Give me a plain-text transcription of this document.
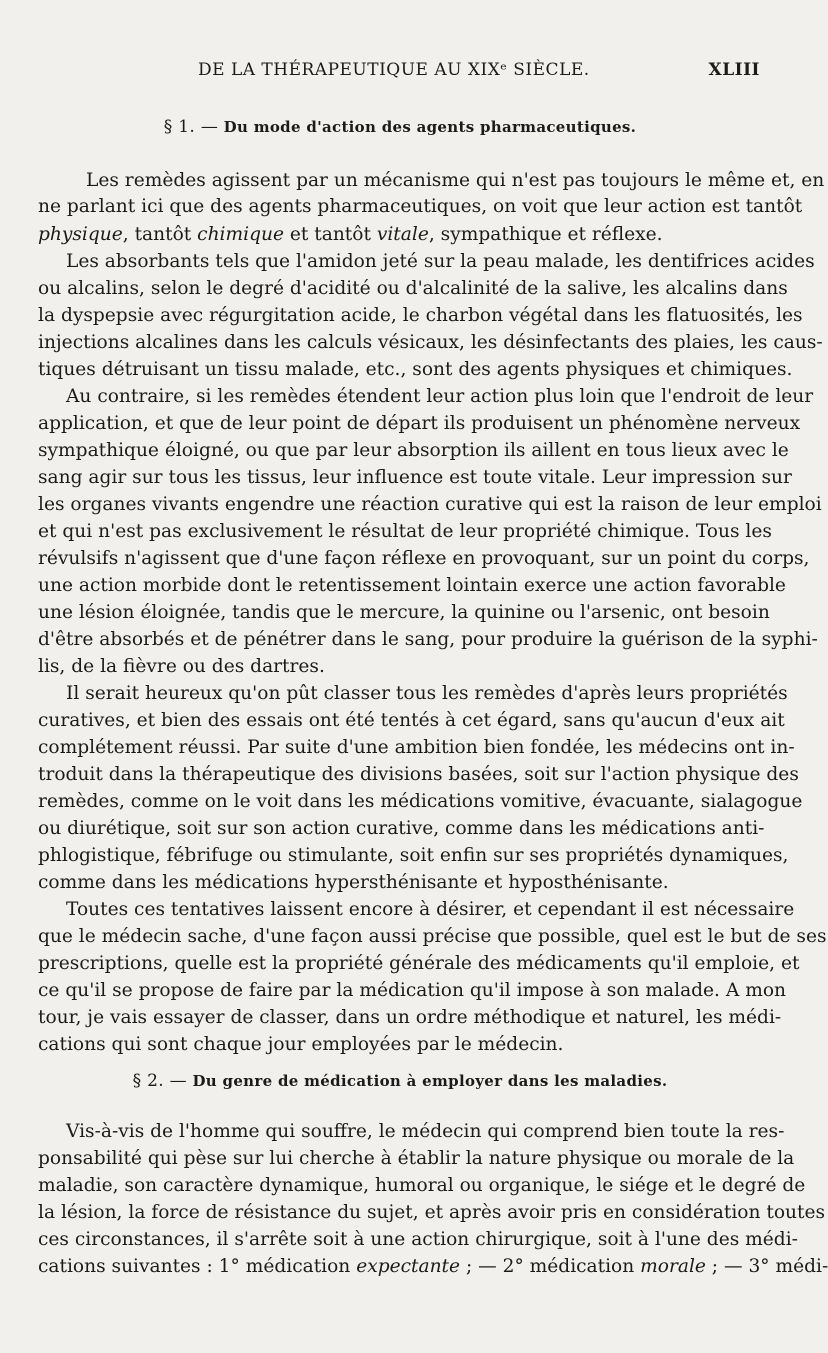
DE LA THÉRAPEUTIQUE AU XIXᵉ SIÈCLE.	XLIII
§ 1. — Du mode d'action des agents pharmaceutiques.
§ 2. — Du genre de médication à employer dans les maladies.
Les remèdes agissent par un mécanisme qui n'est pas toujours le même et, en
ne parlant ici que des agents pharmaceutiques, on voit que leur action est tantôt
physique, tantôt chimique et tantôt vitale, sympathique et réflexe.
Les absorbants tels que l'amidon jeté sur la peau malade, les dentifrices acides
ou alcalins, selon le degré d'acidité ou d'alcalinité de la salive, les alcalins dans
la dyspepsie avec régurgitation acide, le charbon végétal dans les flatuosités, les
injections alcalines dans les calculs vésicaux, les désinfectants des plaies, les caus-
tiques détruisant un tissu malade, etc., sont des agents physiques et chimiques.
Au contraire, si les remèdes étendent leur action plus loin que l'endroit de leur
application, et que de leur point de départ ils produisent un phénomène nerveux
sympathique éloigné, ou que par leur absorption ils aillent en tous lieux avec le
sang agir sur tous les tissus, leur influence est toute vitale. Leur impression sur
les organes vivants engendre une réaction curative qui est la raison de leur emploi
et qui n'est pas exclusivement le résultat de leur propriété chimique. Tous les
révulsifs n'agissent que d'une façon réflexe en provoquant, sur un point du corps,
une action morbide dont le retentissement lointain exerce une action favorable
une lésion éloignée, tandis que le mercure, la quinine ou l'arsenic, ont besoin
d'être absorbés et de pénétrer dans le sang, pour produire la guérison de la syphi-
lis, de la fièvre ou des dartres.
Il serait heureux qu'on pût classer tous les remèdes d'après leurs propriétés
curatives, et bien des essais ont été tentés à cet égard, sans qu'aucun d'eux ait
complétement réussi. Par suite d'une ambition bien fondée, les médecins ont in-
troduit dans la thérapeutique des divisions basées, soit sur l'action physique des
remèdes, comme on le voit dans les médications vomitive, évacuante, sialagogue
ou diurétique, soit sur son action curative, comme dans les médications anti-
phlogistique, fébrifuge ou stimulante, soit enfin sur ses propriétés dynamiques,
comme dans les médications hypersthénisante et hyposthénisante.
Toutes ces tentatives laissent encore à désirer, et cependant il est nécessaire
que le médecin sache, d'une façon aussi précise que possible, quel est le but de ses
prescriptions, quelle est la propriété générale des médicaments qu'il emploie, et
ce qu'il se propose de faire par la médication qu'il impose à son malade. A mon
tour, je vais essayer de classer, dans un ordre méthodique et naturel, les médi-
cations qui sont chaque jour employées par le médecin.
Vis-à-vis de l'homme qui souffre, le médecin qui comprend bien toute la res-
ponsabilité qui pèse sur lui cherche à établir la nature physique ou morale de la
maladie, son caractère dynamique, humoral ou organique, le siége et le degré de
la lésion, la force de résistance du sujet, et après avoir pris en considération toutes
ces circonstances, il s'arrête soit à une action chirurgique, soit à l'une des médi-
cations suivantes : 1° médication expectante ; — 2° médication morale ; — 3° médi-
